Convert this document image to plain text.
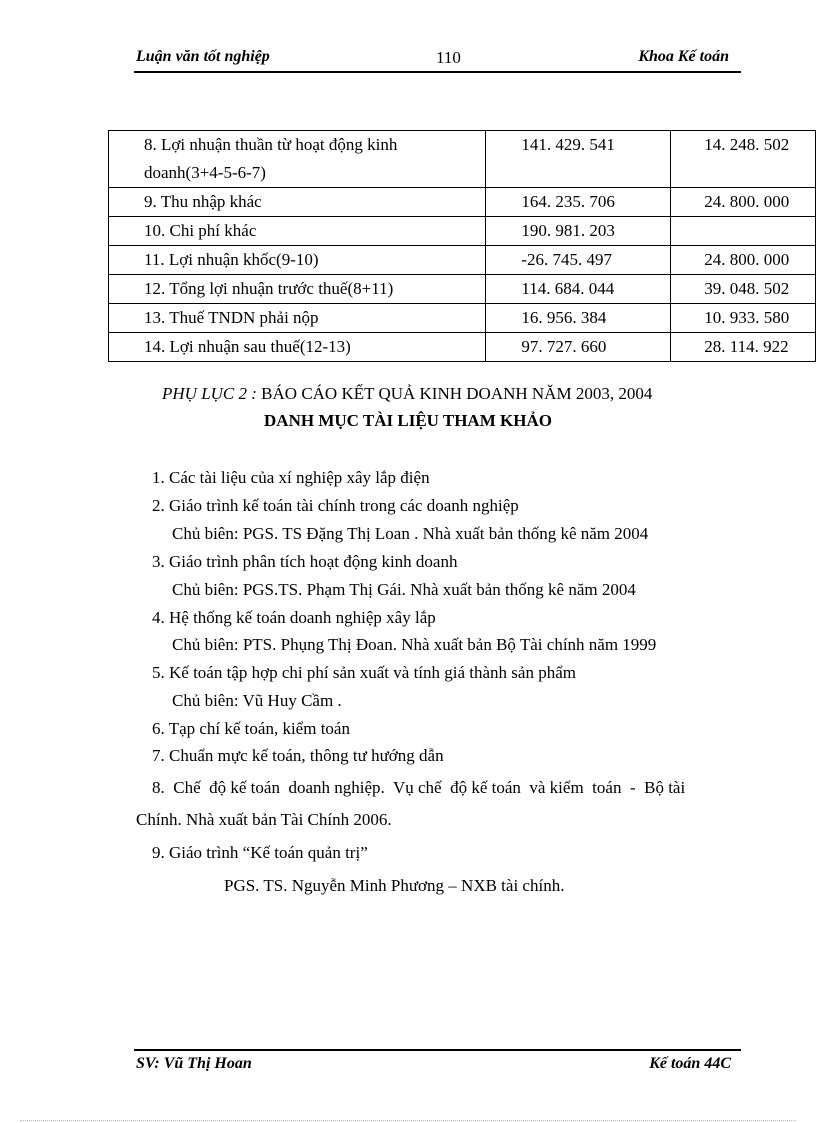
Luận văn tốt nghiệp	110	Khoa Kế toán
8. Lợi nhuận thuần từ hoạt động kinh
doanh(3+4-5-6-7)	141. 429. 541	14. 248. 502
9. Thu nhập khác	164. 235. 706	24. 800. 000
10. Chi phí khác	190. 981. 203	
11. Lợi nhuận khốc(9-10)	-26. 745. 497	24. 800. 000
12. Tổng lợi nhuận trước thuế(8+11)	114. 684. 044	39. 048. 502
13. Thuế TNDN phải nộp	16. 956. 384	10. 933. 580
14. Lợi nhuận sau thuế(12-13)	97. 727. 660	28. 114. 922
PHỤ LỤC 2 : BÁO CÁO KẾT QUẢ KINH DOANH NĂM 2003, 2004
DANH MỤC TÀI LIỆU THAM KHẢO
1. Các tài liệu của xí nghiệp xây lắp điện
2. Giáo trình kế toán tài chính trong các doanh nghiệp
Chủ biên: PGS. TS Đặng Thị Loan . Nhà xuất bản thống kê năm 2004
3. Giáo trình phân tích hoạt động kinh doanh
Chủ biên: PGS.TS. Phạm Thị Gái. Nhà xuất bản thống kê năm 2004
4. Hệ thống kế toán doanh nghiệp xây lắp
Chủ biên: PTS. Phụng Thị Đoan. Nhà xuất bản Bộ Tài chính năm 1999
5. Kế toán tập hợp chi phí sản xuất và tính giá thành sản phẩm
Chủ biên: Vũ Huy Cầm .
6. Tạp chí kế toán, kiểm toán
7. Chuẩn mực kế toán, thông tư hướng dẫn
8.  Chế  độ kế toán  doanh nghiệp.  Vụ chế  độ kế toán  và kiểm  toán  -  Bộ tài
Chính. Nhà xuất bản Tài Chính 2006.
9. Giáo trình “Kế toán quản trị”
PGS. TS. Nguyễn Minh Phương – NXB tài chính.
SV: Vũ Thị Hoan	Kế toán 44C
